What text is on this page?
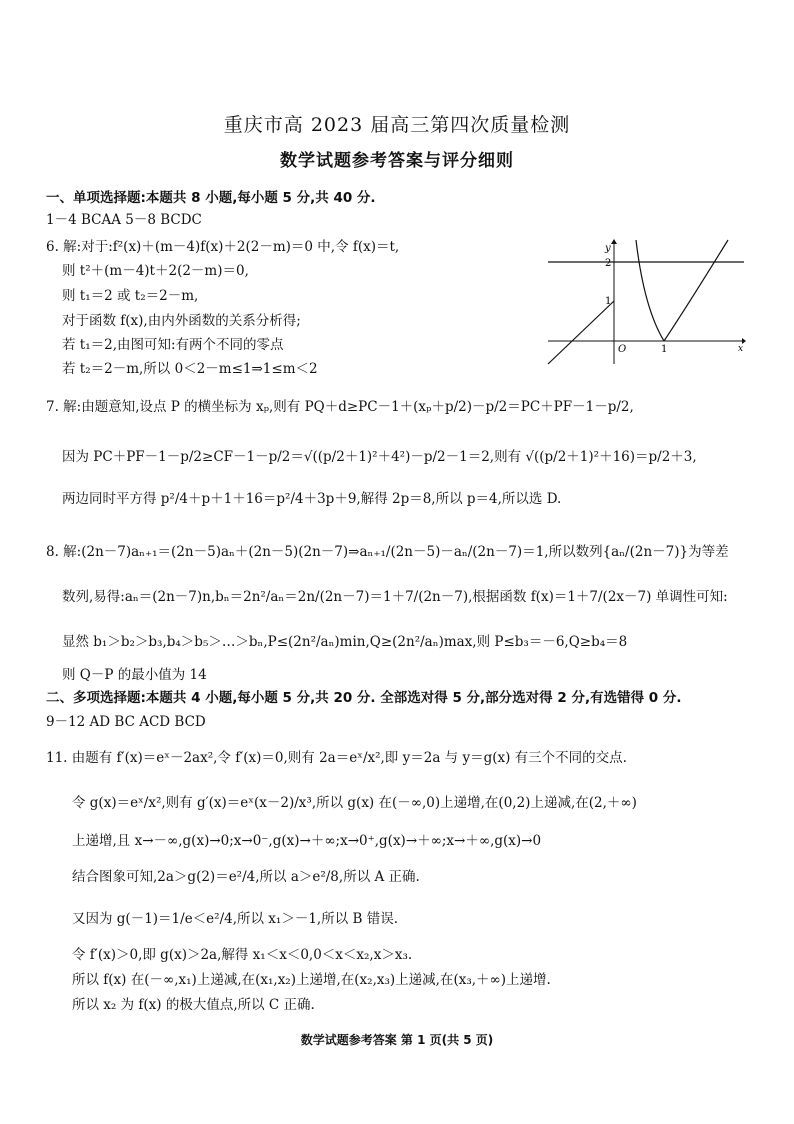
重庆市高 2023 届高三第四次质量检测
数学试题参考答案与评分细则
一、单项选择题:本题共 8 小题,每小题 5 分,共 40 分.
1－4 BCAA 5－8 BCDC
6. 解:对于:f²(x)＋(m－4)f(x)＋2(2－m)＝0 中,令 f(x)＝t,
则 t²＋(m－4)t＋2(2－m)＝0,
则 t₁＝2 或 t₂＝2－m,
对于函数 f(x),由内外函数的关系分析得;
若 t₁＝2,由图可知:有两个不同的零点
若 t₂＝2－m,所以 0＜2－m≤1⇒1≤m＜2
y
x
2
1
O	1
7. 解:由题意知,设点 P 的横坐标为 xₚ,则有 PQ＋d≥PC－1＋(xₚ＋p/2)－p/2＝PC＋PF－1－p/2,
因为 PC＋PF－1－p/2≥CF－1－p/2＝√((p/2＋1)²＋4²)－p/2－1＝2,则有 √((p/2＋1)²＋16)＝p/2＋3,
两边同时平方得 p²/4＋p＋1＋16＝p²/4＋3p＋9,解得 2p＝8,所以 p＝4,所以选 D.
8. 解:(2n－7)aₙ₊₁＝(2n－5)aₙ＋(2n－5)(2n－7)⇒aₙ₊₁/(2n－5)－aₙ/(2n－7)＝1,所以数列{aₙ/(2n－7)}为等差
数列,易得:aₙ＝(2n－7)n,bₙ＝2n²/aₙ＝2n/(2n－7)＝1＋7/(2n－7),根据函数 f(x)＝1＋7/(2x－7) 单调性可知:
显然 b₁＞b₂＞b₃,b₄＞b₅＞…＞bₙ,P≤(2n²/aₙ)min,Q≥(2n²/aₙ)max,则 P≤b₃＝－6,Q≥b₄＝8
则 Q－P 的最小值为 14
二、多项选择题:本题共 4 小题,每小题 5 分,共 20 分. 全部选对得 5 分,部分选对得 2 分,有选错得 0 分.
9－12 AD BC ACD BCD
11. 由题有 f′(x)＝eˣ－2ax²,令 f′(x)＝0,则有 2a＝eˣ/x²,即 y＝2a 与 y＝g(x) 有三个不同的交点.
令 g(x)＝eˣ/x²,则有 g′(x)＝eˣ(x－2)/x³,所以 g(x) 在(－∞,0)上递增,在(0,2)上递减,在(2,＋∞)
上递增,且 x→－∞,g(x)→0;x→0⁻,g(x)→＋∞;x→0⁺,g(x)→＋∞;x→＋∞,g(x)→0
结合图象可知,2a＞g(2)＝e²/4,所以 a＞e²/8,所以 A 正确.
又因为 g(－1)＝1/e＜e²/4,所以 x₁＞－1,所以 B 错误.
令 f′(x)＞0,即 g(x)＞2a,解得 x₁＜x＜0,0＜x＜x₂,x＞x₃.
所以 f(x) 在(－∞,x₁)上递减,在(x₁,x₂)上递增,在(x₂,x₃)上递减,在(x₃,＋∞)上递增.
所以 x₂ 为 f(x) 的极大值点,所以 C 正确.
数学试题参考答案 第 1 页(共 5 页)
